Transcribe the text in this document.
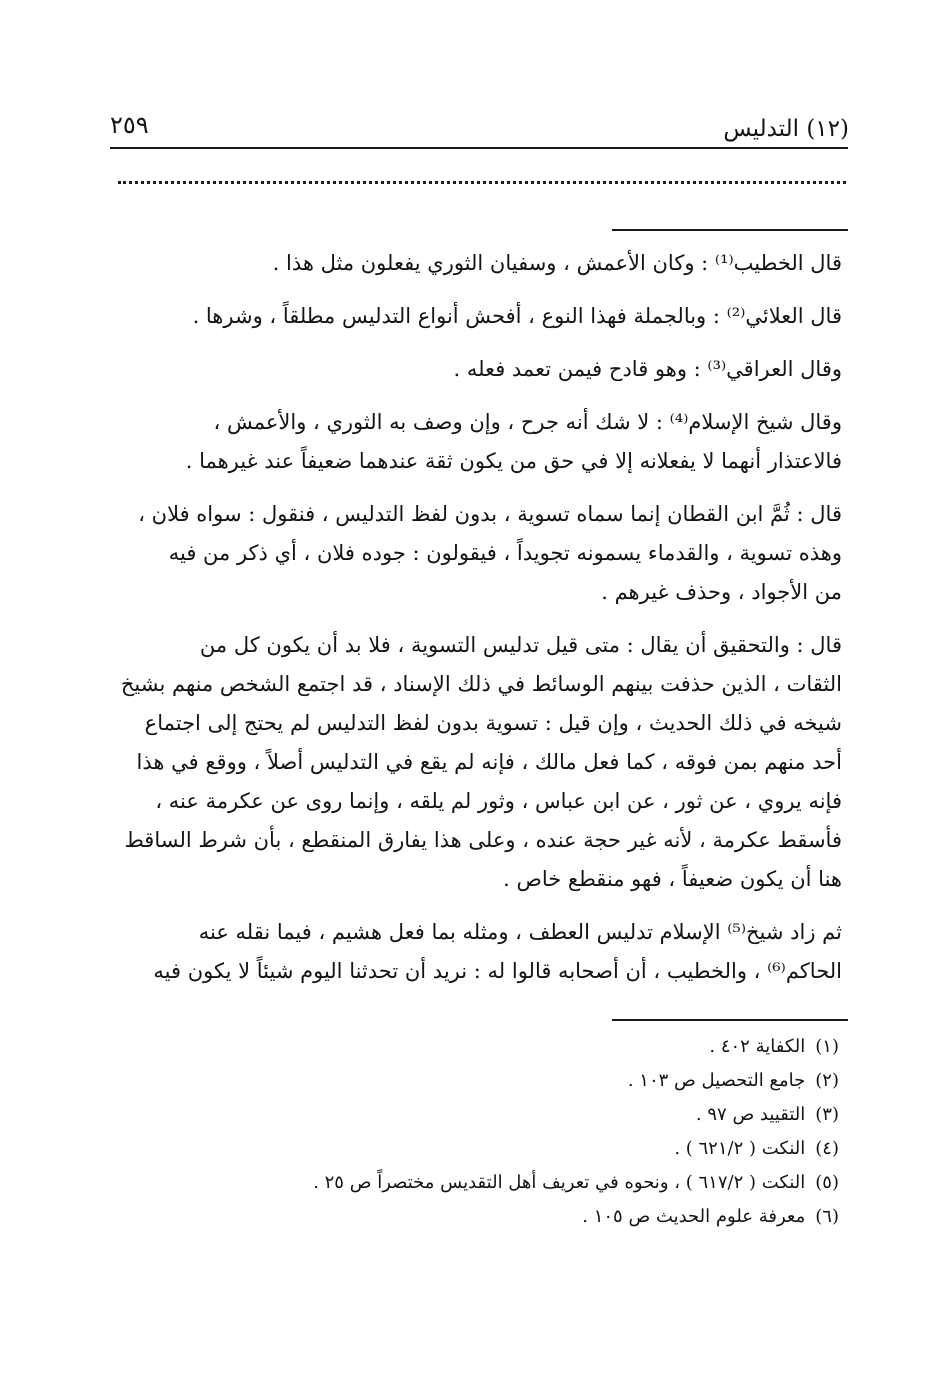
٢٥٩	(١٢) التدليس

قال الخطيب⁽¹⁾ : وكان الأعمش ، وسفيان الثوري يفعلون مثل هذا .

قال العلائي⁽²⁾ : وبالجملة فهذا النوع ، أفحش أنواع التدليس مطلقاً ، وشرها .

وقال العراقي⁽³⁾ : وهو قادح فيمن تعمد فعله .

وقال شيخ الإسلام⁽⁴⁾ : لا شك أنه جرح ، وإن وصف به الثوري ، والأعمش ،
فالاعتذار أنهما لا يفعلانه إلا في حق من يكون ثقة عندهما ضعيفاً عند غيرهما .

قال : ثُمَّ ابن القطان إنما سماه تسوية ، بدون لفظ التدليس ، فنقول : سواه فلان ،
وهذه تسوية ، والقدماء يسمونه تجويداً ، فيقولون : جوده فلان ، أي ذكر من فيه
من الأجواد ، وحذف غيرهم .

قال : والتحقيق أن يقال : متى قيل تدليس التسوية ، فلا بد أن يكون كل من
الثقات ، الذين حذفت بينهم الوسائط في ذلك الإسناد ، قد اجتمع الشخص منهم بشيخ
شيخه في ذلك الحديث ، وإن قيل : تسوية بدون لفظ التدليس لم يحتج إلى اجتماع
أحد منهم بمن فوقه ، كما فعل مالك ، فإنه لم يقع في التدليس أصلاً ، ووقع في هذا
فإنه يروي ، عن ثور ، عن ابن عباس ، وثور لم يلقه ، وإنما روى عن عكرمة عنه ،
فأسقط عكرمة ، لأنه غير حجة عنده ، وعلى هذا يفارق المنقطع ، بأن شرط الساقط
هنا أن يكون ضعيفاً ، فهو منقطع خاص .

ثم زاد شيخ⁽⁵⁾ الإسلام تدليس العطف ، ومثله بما فعل هشيم ، فيما نقله عنه
الحاكم⁽⁶⁾ ، والخطيب ، أن أصحابه قالوا له : نريد أن تحدثنا اليوم شيئاً لا يكون فيه

(١)الكفاية ٤٠٢ .
(٢)جامع التحصيل ص ١٠٣ .
(٣)التقييد ص ٩٧ .
(٤)النكت ( ٦٢١/٢ ) .
(٥)النكت ( ٦١٧/٢ ) ، ونحوه في تعريف أهل التقديس مختصراً ص ٢٥ .
(٦)معرفة علوم الحديث ص ١٠٥ .
